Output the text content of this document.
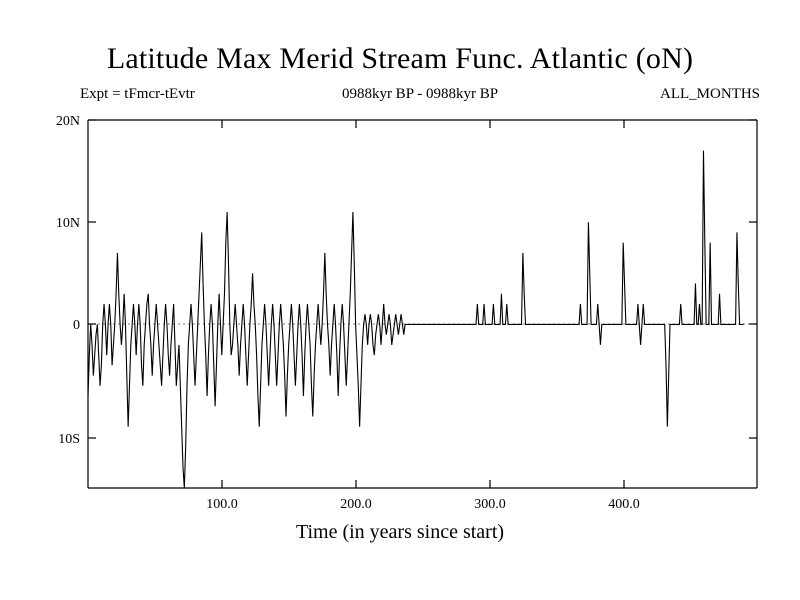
Latitude Max Merid Stream Func. Atlantic (oN)
Expt = tFmcr-tEvtr	0988kyr BP - 0988kyr BP	ALL_MONTHS
20N
10N
0
10S
100.0	200.0	300.0	400.0
Time (in years since start)
